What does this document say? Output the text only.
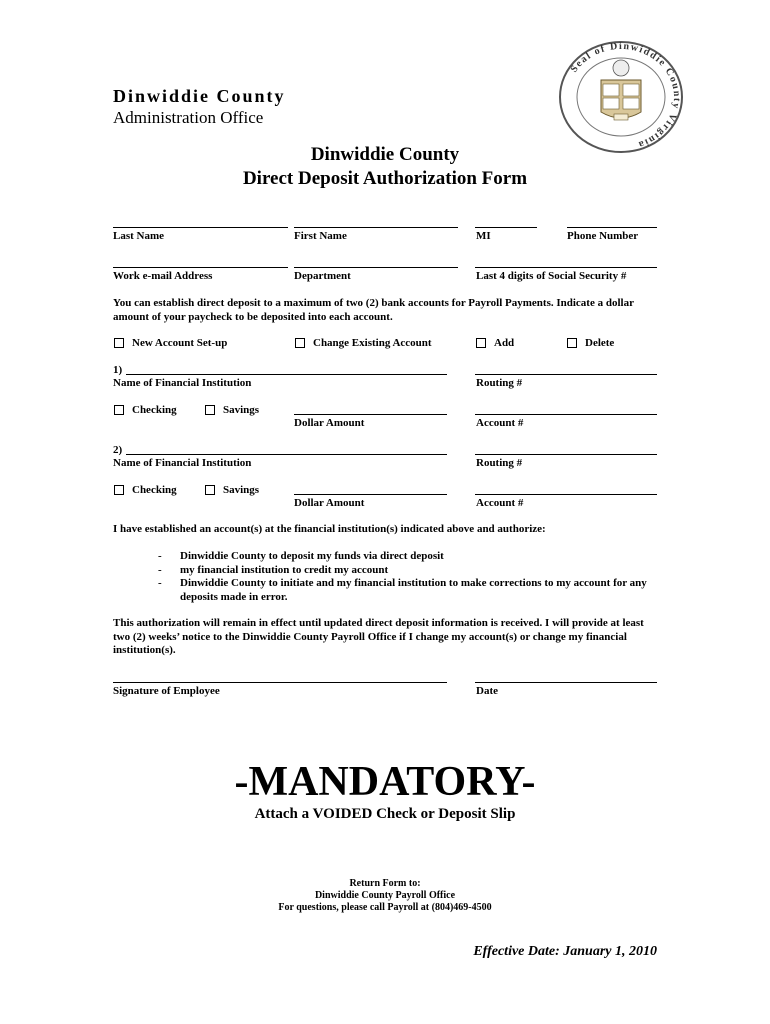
Dinwiddie County
Administration Office
Seal of Dinwiddie County Virginia
Dinwiddie County
Direct Deposit Authorization Form
Last Name	First Name	MI	Phone Number
Work e-mail Address	Department	Last 4 digits of Social Security #
You can establish direct deposit to a maximum of two (2) bank accounts for Payroll Payments. Indicate a dollar amount of your paycheck to be deposited into each account.
New Account Set-up	Change Existing Account	Add	Delete
1)
Name of Financial Institution	Routing #
Checking	Savings
Dollar Amount	Account #
2)
Name of Financial Institution	Routing #
Checking	Savings
Dollar Amount	Account #
I have established an account(s) at the financial institution(s) indicated above and authorize:
-	Dinwiddie County to deposit my funds via direct deposit
-	my financial institution to credit my account
-	Dinwiddie County to initiate and my financial institution to make corrections to my account for any deposits made in error.
This authorization will remain in effect until updated direct deposit information is received. I will provide at least two (2) weeks’ notice to the Dinwiddie County Payroll Office if I change my account(s) or change my financial institution(s).
Signature of Employee	Date
-MANDATORY-
Attach a VOIDED Check or Deposit Slip
Return Form to:
Dinwiddie County Payroll Office
For questions, please call Payroll at (804)469-4500
Effective Date: January 1, 2010
